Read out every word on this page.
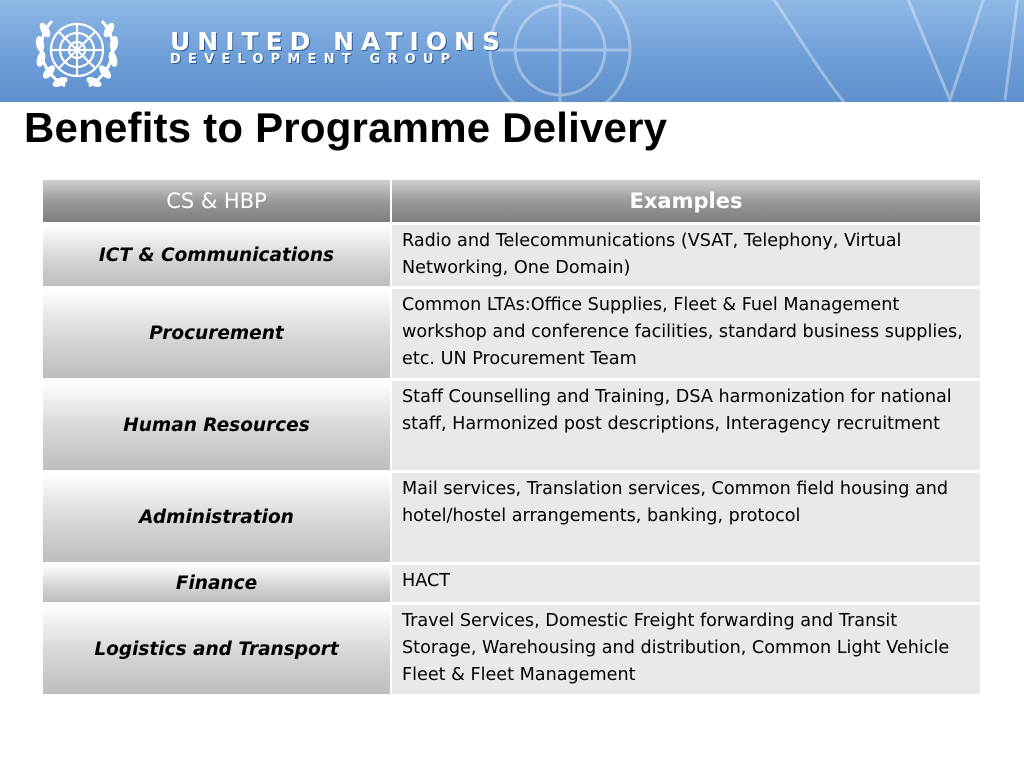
UNITED NATIONS
DEVELOPMENT GROUP
Benefits to Programme Delivery
CS & HBP	Examples
ICT & Communications	Radio and Telecommunications (VSAT, Telephony, Virtual Networking, One Domain)
Procurement	Common LTAs:Office Supplies, Fleet & Fuel Management workshop and conference facilities, standard business supplies, etc. UN Procurement Team
Human Resources	Staff Counselling and Training, DSA harmonization for national staff, Harmonized post descriptions, Interagency recruitment
Administration	Mail services, Translation services, Common field housing and hotel/hostel arrangements, banking, protocol
Finance	HACT
Logistics and Transport	Travel Services, Domestic Freight forwarding and Transit Storage, Warehousing and distribution, Common Light Vehicle Fleet & Fleet Management
